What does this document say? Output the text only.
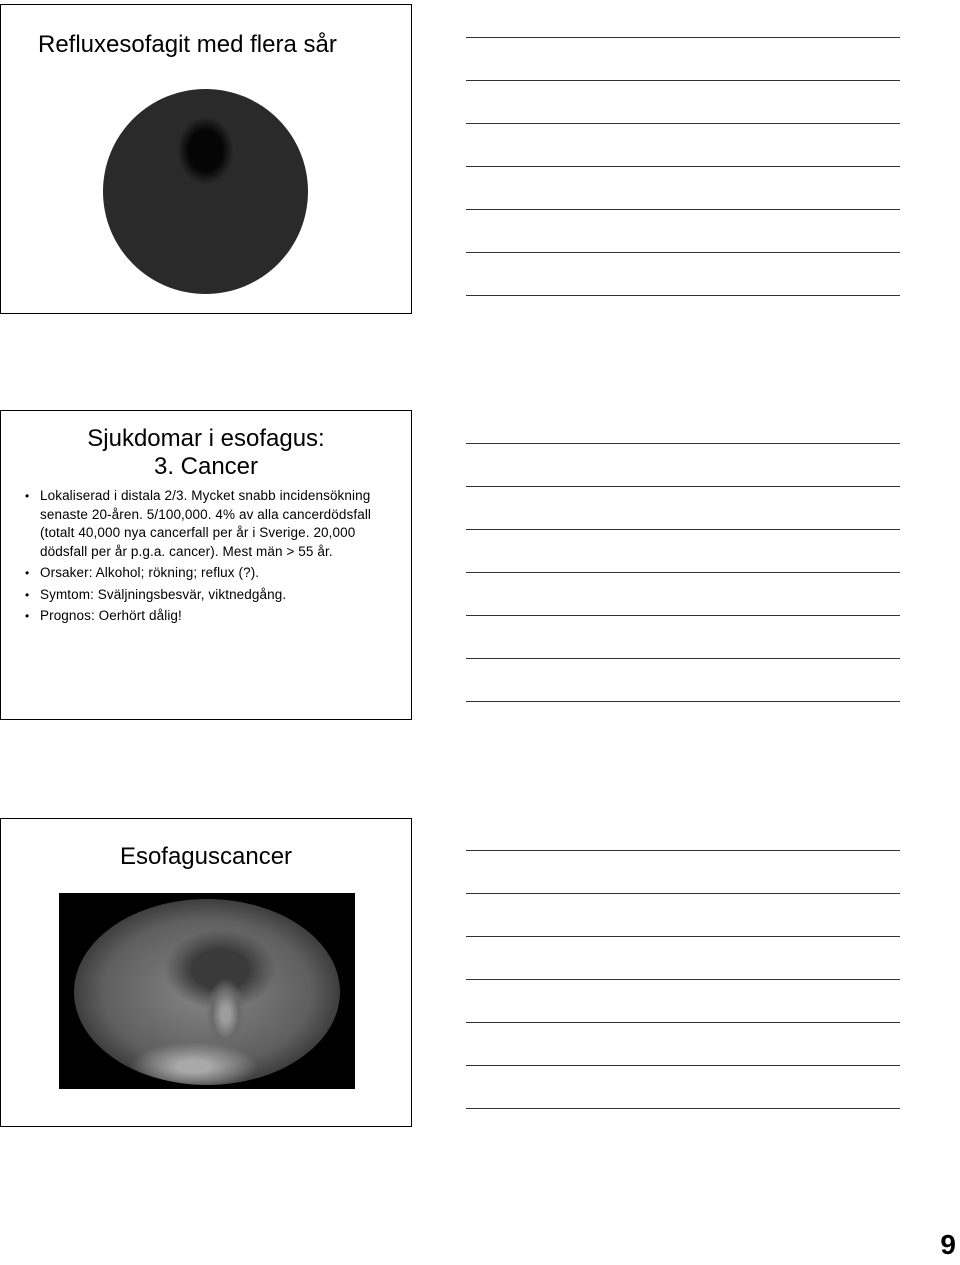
Refluxesofagit med flera sår
Sjukdomar i esofagus:
3. Cancer
• Lokaliserad i distala 2/3. Mycket snabb incidensökning senaste 20-åren. 5/100,000. 4% av alla cancerdödsfall (totalt 40,000 nya cancerfall per år i Sverige. 20,000 dödsfall per år p.g.a. cancer). Mest män > 55 år.
• Orsaker: Alkohol; rökning; reflux (?).
• Symtom: Sväljningsbesvär, viktnedgång.
• Prognos: Oerhört dålig!
Esofaguscancer
9
